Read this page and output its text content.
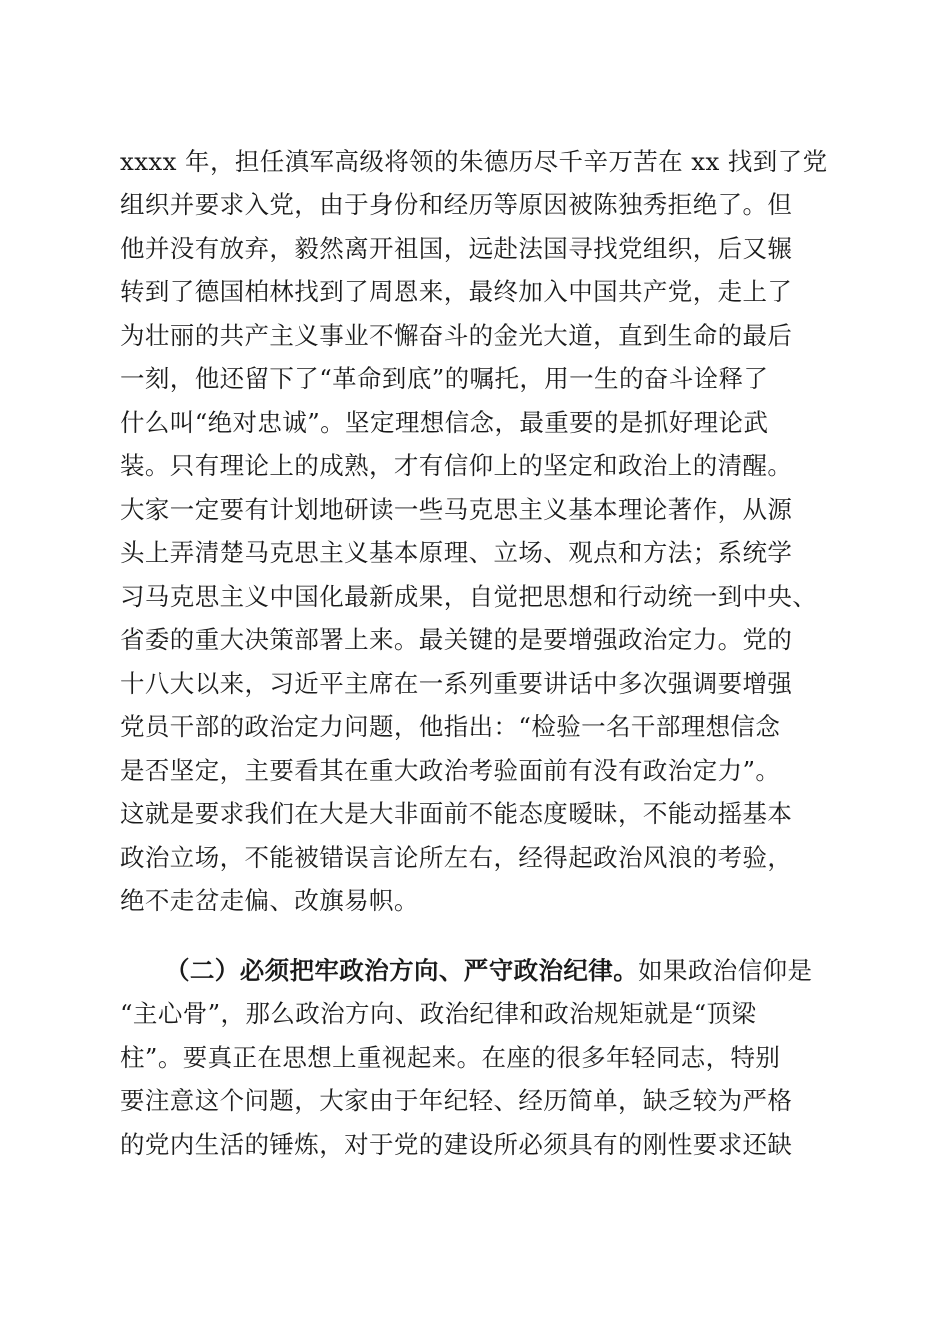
xxxx 年，担任滇军高级将领的朱德历尽千辛万苦在 xx 找到了党
组织并要求入党，由于身份和经历等原因被陈独秀拒绝了。但
他并没有放弃，毅然离开祖国，远赴法国寻找党组织，后又辗
转到了德国柏林找到了周恩来，最终加入中国共产党，走上了
为壮丽的共产主义事业不懈奋斗的金光大道，直到生命的最后
一刻，他还留下了“革命到底”的嘱托，用一生的奋斗诠释了
什么叫“绝对忠诚”。坚定理想信念，最重要的是抓好理论武
装。只有理论上的成熟，才有信仰上的坚定和政治上的清醒。
大家一定要有计划地研读一些马克思主义基本理论著作，从源
头上弄清楚马克思主义基本原理、立场、观点和方法；系统学
习马克思主义中国化最新成果，自觉把思想和行动统一到中央、
省委的重大决策部署上来。最关键的是要增强政治定力。党的
十八大以来，习近平主席在一系列重要讲话中多次强调要增强
党员干部的政治定力问题，他指出：“检验一名干部理想信念
是否坚定，主要看其在重大政治考验面前有没有政治定力”。
这就是要求我们在大是大非面前不能态度暧昧，不能动摇基本
政治立场，不能被错误言论所左右，经得起政治风浪的考验，
绝不走岔走偏、改旗易帜。
（二）必须把牢政治方向、严守政治纪律。如果政治信仰是
“主心骨”，那么政治方向、政治纪律和政治规矩就是“顶梁
柱”。要真正在思想上重视起来。在座的很多年轻同志，特别
要注意这个问题，大家由于年纪轻、经历简单，缺乏较为严格
的党内生活的锤炼，对于党的建设所必须具有的刚性要求还缺
